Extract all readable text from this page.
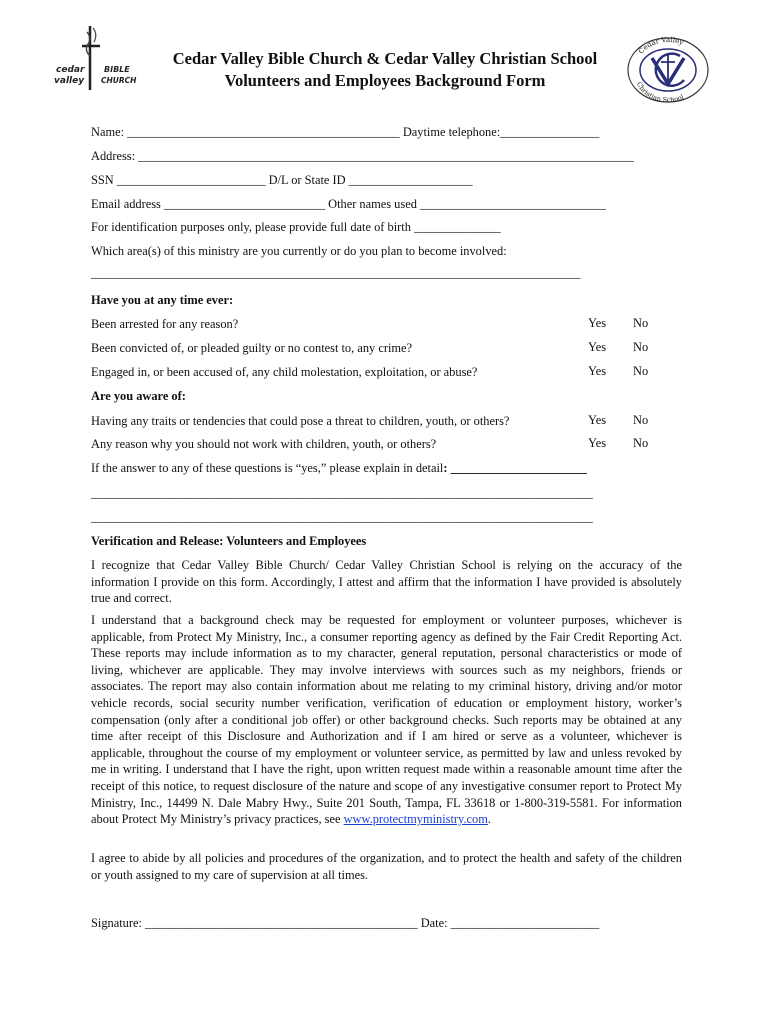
cedar
valley
BIBLE
CHURCH
Cedar Valley
Christian School
Cedar Valley Bible Church & Cedar Valley Christian School
Volunteers and Employees Background Form
Name: ____________________________________________ Daytime telephone:________________
Address: ________________________________________________________________________________
SSN ________________________ D/L or State ID ____________________
Email address __________________________ Other names used ______________________________
For identification purposes only, please provide full date of birth ______________
Which area(s) of this ministry are you currently or do you plan to become involved:
_______________________________________________________________________________
Have you at any time ever:
Been arrested for any reason?	Yes No
Been convicted of, or pleaded guilty or no contest to, any crime?	Yes No
Engaged in, or been accused of, any child molestation, exploitation, or abuse?	Yes No
Are you aware of:
Having any traits or tendencies that could pose a threat to children, youth, or others?	Yes No
Any reason why you should not work with children, youth, or others?	Yes No
If the answer to any of these questions is “yes,” please explain in detail: ______________________
_________________________________________________________________________________
_________________________________________________________________________________
Verification and Release: Volunteers and Employees
I recognize that Cedar Valley Bible Church/ Cedar Valley Christian School is relying on the accuracy of the information I provide on this form. Accordingly, I attest and affirm that the information I have provided is absolutely true and correct.
I understand that a background check may be requested for employment or volunteer purposes, whichever is applicable, from Protect My Ministry, Inc., a consumer reporting agency as defined by the Fair Credit Reporting Act. These reports may include information as to my character, general reputation, personal characteristics or mode of living, whichever are applicable. They may involve interviews with sources such as my neighbors, friends or associates. The report may also contain information about me relating to my criminal history, driving and/or motor vehicle records, social security number verification, verification of education or employment history, worker’s compensation (only after a conditional job offer) or other background checks. Such reports may be obtained at any time after receipt of this Disclosure and Authorization and if I am hired or serve as a volunteer, whichever is applicable, throughout the course of my employment or volunteer service, as permitted by law and unless revoked by me in writing. I understand that I have the right, upon written request made within a reasonable amount time after the receipt of this notice, to request disclosure of the nature and scope of any investigative consumer report to Protect My Ministry, Inc., 14499 N. Dale Mabry Hwy., Suite 201 South, Tampa, FL 33618 or 1-800-319-5581. For information about Protect My Ministry’s privacy practices, see www.protectmyministry.com.
I agree to abide by all policies and procedures of the organization, and to protect the health and safety of the children or youth assigned to my care of supervision at all times.
Signature: ____________________________________________ Date: ________________________
